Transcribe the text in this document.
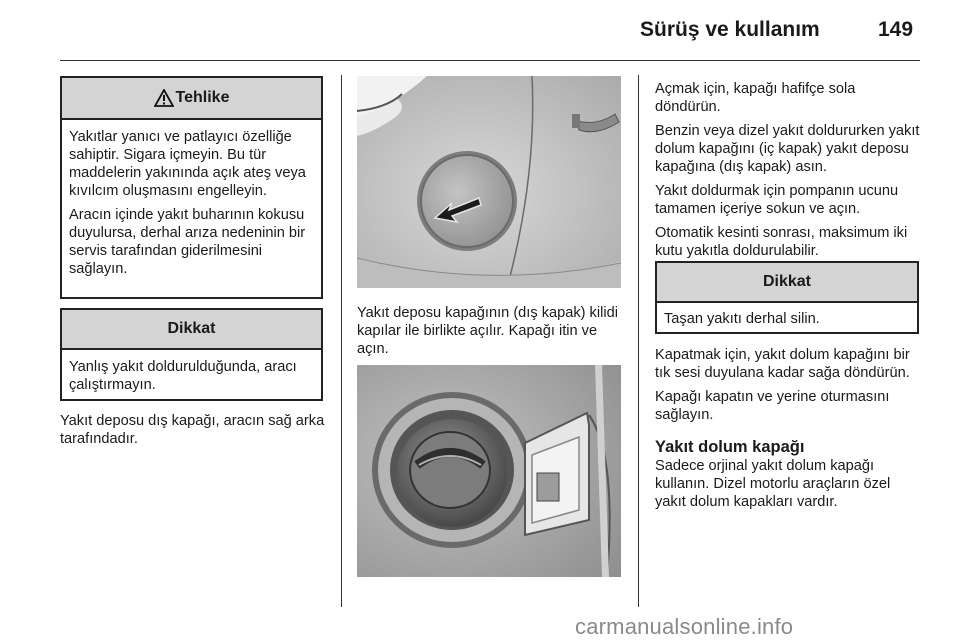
Sürüş ve kullanım	149
Tehlike

Yakıtlar yanıcı ve patlayıcı özelliğe sahiptir. Sigara içmeyin. Bu tür maddelerin yakınında açık ateş veya kıvılcım oluşmasını engelleyin.

Aracın içinde yakıt buharının kokusu duyulursa, derhal arıza nedeninin bir servis tarafından giderilmesini sağlayın.

Dikkat

Yanlış yakıt doldurulduğunda, aracı çalıştırmayın.

Yakıt deposu dış kapağı, aracın sağ arka tarafındadır.

Yakıt deposu kapağının (dış kapak) kilidi kapılar ile birlikte açılır. Kapağı itin ve açın.

Açmak için, kapağı hafifçe sola döndürün.

Benzin veya dizel yakıt doldururken yakıt dolum kapağını (iç kapak) yakıt deposu kapağına (dış kapak) asın.

Yakıt doldurmak için pompanın ucunu tamamen içeriye sokun ve açın.

Otomatik kesinti sonrası, maksimum iki kutu yakıtla doldurulabilir.

Dikkat

Taşan yakıtı derhal silin.

Kapatmak için, yakıt dolum kapağını bir tık sesi duyulana kadar sağa döndürün.

Kapağı kapatın ve yerine oturmasını sağlayın.

Yakıt dolum kapağı

Sadece orjinal yakıt dolum kapağı kullanın. Dizel motorlu araçların özel yakıt dolum kapakları vardır.

carmanualsonline.info
